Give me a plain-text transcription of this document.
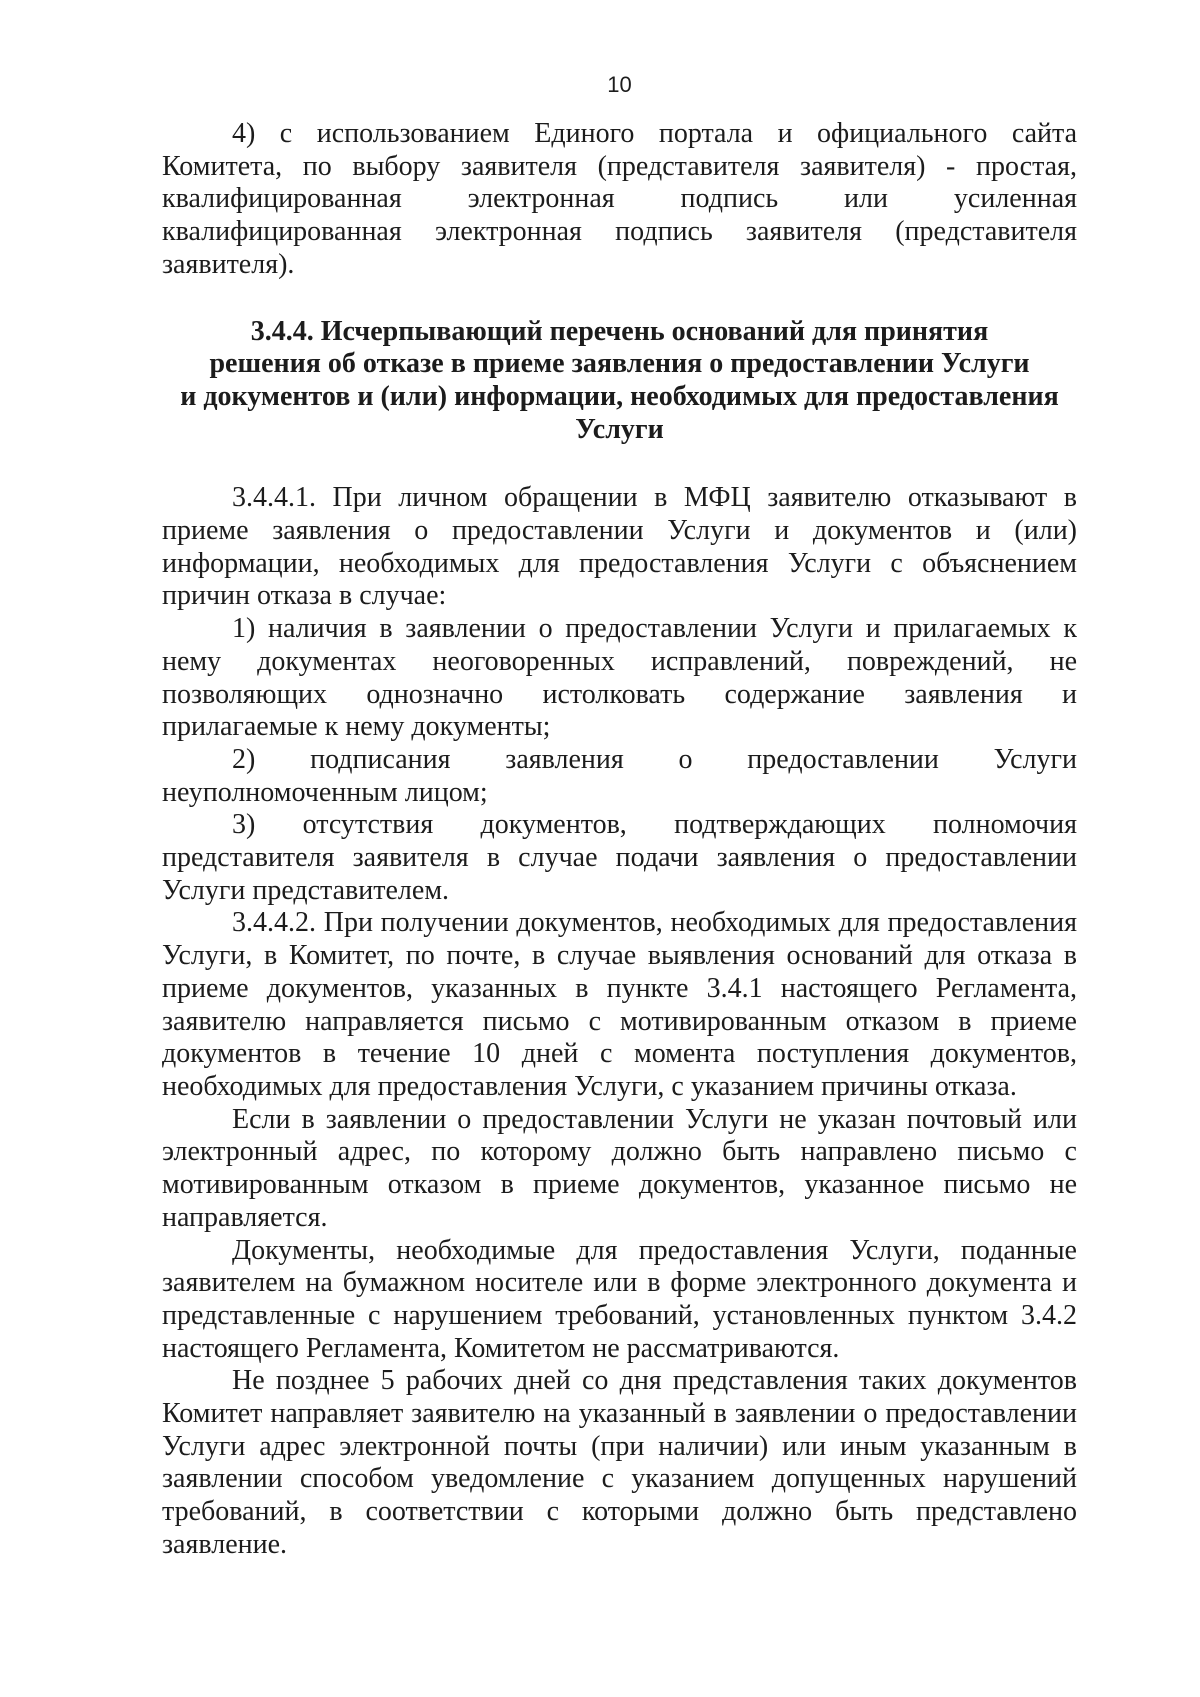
10

4) с использованием Единого портала и официального сайта Комитета, по выбору заявителя (представителя заявителя) - простая, квалифицированная электронная подпись или усиленная квалифицированная электронная подпись заявителя (представителя заявителя).

3.4.4. Исчерпывающий перечень оснований для принятия
решения об отказе в приеме заявления о предоставлении Услуги
и документов и (или) информации, необходимых для предоставления
Услуги

3.4.4.1. При личном обращении в МФЦ заявителю отказывают в приеме заявления о предоставлении Услуги и документов и (или) информации, необходимых для предоставления Услуги с объяснением причин отказа в случае:

1) наличия в заявлении о предоставлении Услуги и прилагаемых к нему документах неоговоренных исправлений, повреждений, не позволяющих однозначно истолковать содержание заявления и прилагаемые к нему документы;

2) подписания заявления о предоставлении Услуги неуполномоченным лицом;

3) отсутствия документов, подтверждающих полномочия представителя заявителя в случае подачи заявления о предоставлении Услуги представителем.

3.4.4.2. При получении документов, необходимых для предоставления Услуги, в Комитет, по почте, в случае выявления оснований для отказа в приеме документов, указанных в пункте 3.4.1 настоящего Регламента, заявителю направляется письмо с мотивированным отказом в приеме документов в течение 10 дней с момента поступления документов, необходимых для предоставления Услуги, с указанием причины отказа.

Если в заявлении о предоставлении Услуги не указан почтовый или электронный адрес, по которому должно быть направлено письмо с мотивированным отказом в приеме документов, указанное письмо не направляется.

Документы, необходимые для предоставления Услуги, поданные заявителем на бумажном носителе или в форме электронного документа и представленные с нарушением требований, установленных пунктом 3.4.2 настоящего Регламента, Комитетом не рассматриваются.

Не позднее 5 рабочих дней со дня представления таких документов Комитет направляет заявителю на указанный в заявлении о предоставлении Услуги адрес электронной почты (при наличии) или иным указанным в заявлении способом уведомление с указанием допущенных нарушений требований, в соответствии с которыми должно быть представлено заявление.
